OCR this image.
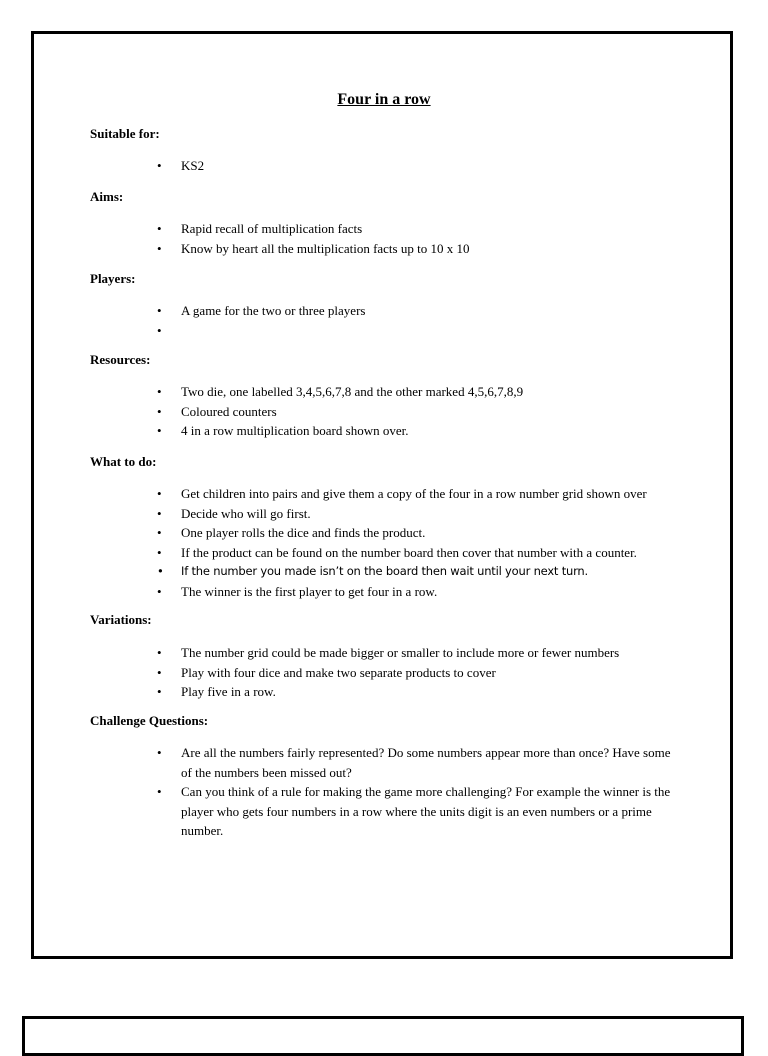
Four in a row
Suitable for:
• KS2
Aims:
• Rapid recall of multiplication facts
• Know by heart all the multiplication facts up to 10 x 10
Players:
• A game for the two or three players
•
Resources:
• Two die, one labelled 3,4,5,6,7,8 and the other marked 4,5,6,7,8,9
• Coloured counters
• 4 in a row multiplication board shown over.
What to do:
• Get children into pairs and give them a copy of the four in a row number grid shown over
• Decide who will go first.
• One player rolls the dice and finds the product.
• If the product can be found on the number board then cover that number with a counter.
• If the number you made isn’t on the board then wait until your next turn.
• The winner is the first player to get four in a row.
Variations:
• The number grid could be made bigger or smaller to include more or fewer numbers
• Play with four dice and make two separate products to cover
• Play five in a row.
Challenge Questions:
• Are all the numbers fairly represented? Do some numbers appear more than once? Have some of the numbers been missed out?
• Can you think of a rule for making the game more challenging? For example the winner is the player who gets four numbers in a row where the units digit is an even numbers or a prime number.
